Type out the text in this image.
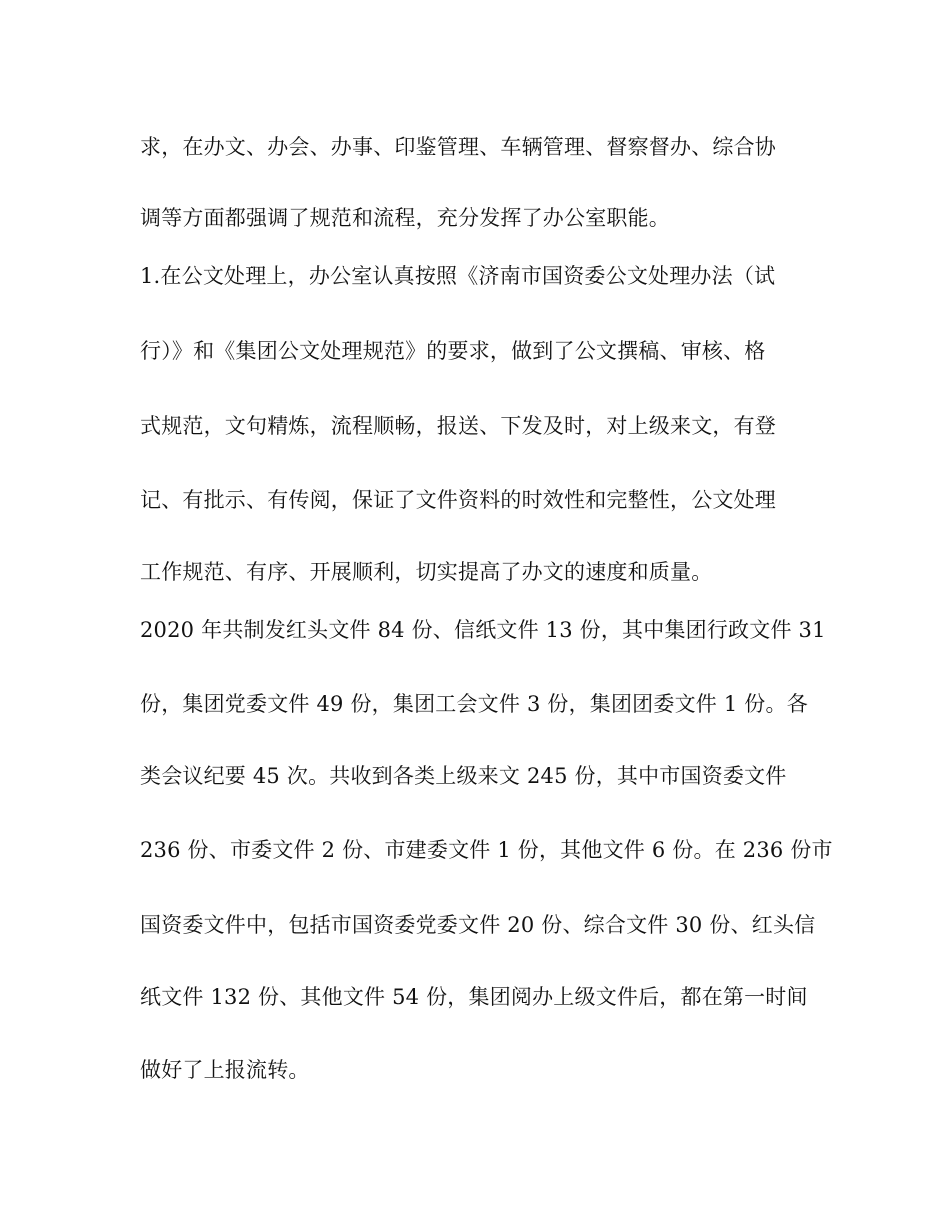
求，在办文、办会、办事、印鉴管理、车辆管理、督察督办、综合协

调等方面都强调了规范和流程，充分发挥了办公室职能。

1.在公文处理上，办公室认真按照《济南市国资委公文处理办法（试

行）》和《集团公文处理规范》的要求，做到了公文撰稿、审核、格

式规范，文句精炼，流程顺畅，报送、下发及时，对上级来文，有登

记、有批示、有传阅，保证了文件资料的时效性和完整性，公文处理

工作规范、有序、开展顺利，切实提高了办文的速度和质量。

2020 年共制发红头文件 84 份、信纸文件 13 份，其中集团行政文件 31

份，集团党委文件 49 份，集团工会文件 3 份，集团团委文件 1 份。各

类会议纪要 45 次。共收到各类上级来文 245 份，其中市国资委文件

236 份、市委文件 2 份、市建委文件 1 份，其他文件 6 份。在 236 份市

国资委文件中，包括市国资委党委文件 20 份、综合文件 30 份、红头信

纸文件 132 份、其他文件 54 份，集团阅办上级文件后，都在第一时间

做好了上报流转。
